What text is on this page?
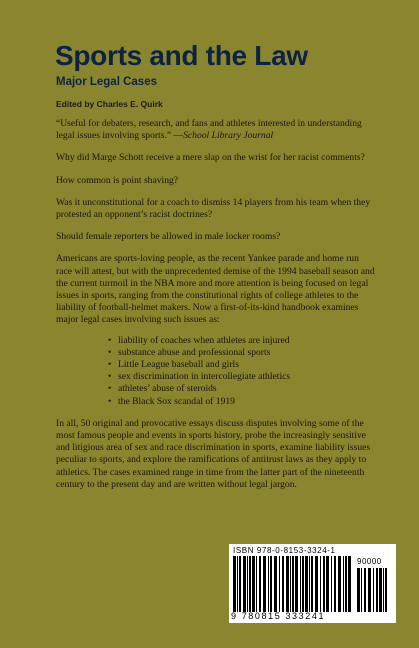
Sports and the Law
Major Legal Cases
Edited by Charles E. Quirk

“Useful for debaters, research, and fans and athletes interested in understanding legal issues involving sports.” —School Library Journal

Why did Marge Schott receive a mere slap on the wrist for her racist comments?

How common is point shaving?

Was it unconstitutional for a coach to dismiss 14 players from his team when they protested an opponent’s racist doctrines?

Should female reporters be allowed in male locker rooms?

Americans are sports-loving people, as the recent Yankee parade and home run race will attest, but with the unprecedented demise of the 1994 baseball season and the current turmoil in the NBA more and more attention is being focused on legal issues in sports, ranging from the constitutional rights of college athletes to the liability of football-helmet makers. Now a first-of-its-kind handbook examines major legal cases involving such issues as:

• liability of coaches when athletes are injured
• substance abuse and professional sports
• Little League baseball and girls
• sex discrimination in intercollegiate athletics
• athletes’ abuse of steroids
• the Black Sox scandal of 1919

In all, 50 original and provocative essays discuss disputes involving some of the most famous people and events in sports history, probe the increasingly sensitive and litigious area of sex and race discrimination in sports, examine liability issues peculiar to sports, and explore the ramifications of antitrust laws as they apply to athletics. The cases examined range in time from the latter part of the nineteenth century to the present day and are written without legal jargon.

ISBN 978-0-8153-3324-1
90000
9 780815 333241
